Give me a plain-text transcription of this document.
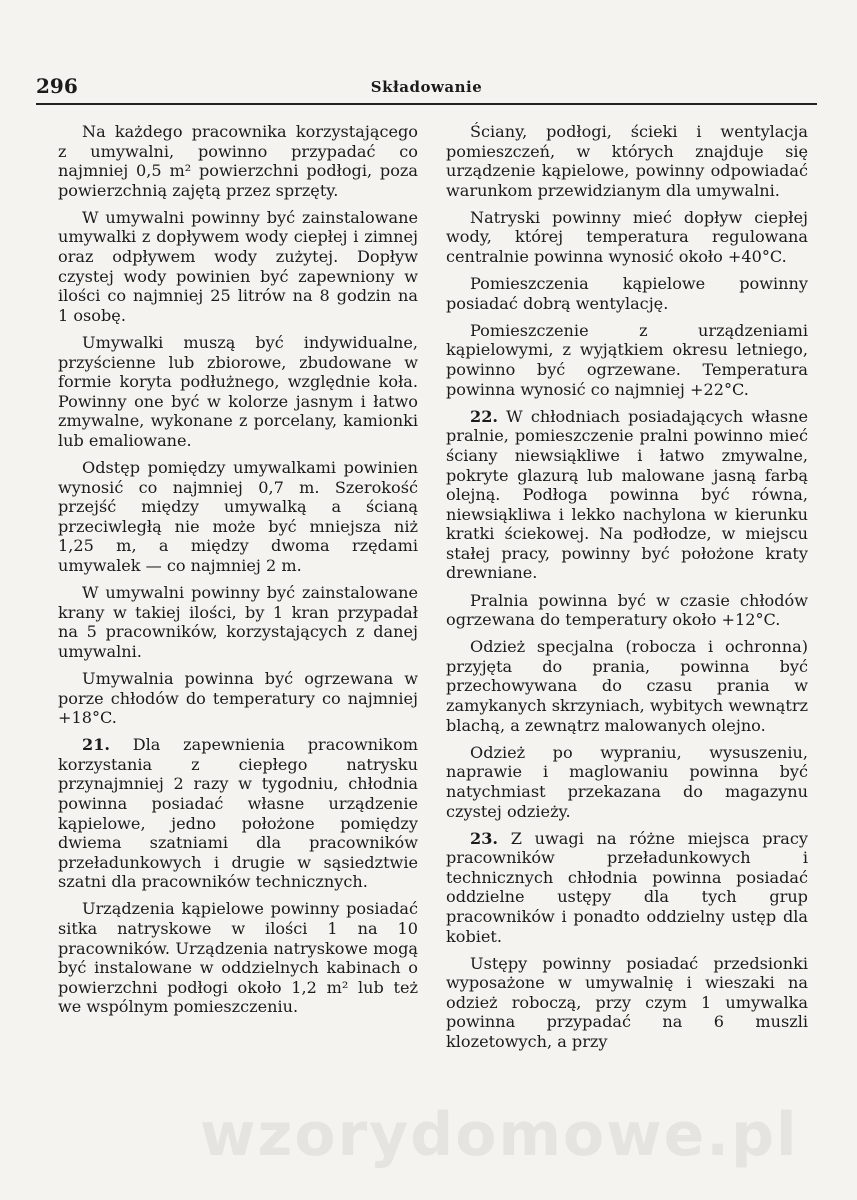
296	Składowanie

Na każdego pracownika korzystającego z umywalni, powinno przypadać co najmniej 0,5 m² powierzchni podłogi, poza powierzchnią zajętą przez sprzęty.

W umywalni powinny być zainstalowane umywalki z dopływem wody ciepłej i zimnej oraz odpływem wody zużytej. Dopływ czystej wody powinien być zapewniony w ilości co najmniej 25 litrów na 8 godzin na 1 osobę.

Umywalki muszą być indywidualne, przyścienne lub zbiorowe, zbudowane w formie koryta podłużnego, względnie koła. Powinny one być w kolorze jasnym i łatwo zmywalne, wykonane z porcelany, kamionki lub emaliowane.

Odstęp pomiędzy umywalkami powinien wynosić co najmniej 0,7 m. Szerokość przejść między umywalką a ścianą przeciwległą nie może być mniejsza niż 1,25 m, a między dwoma rzędami umywalek — co najmniej 2 m.

W umywalni powinny być zainstalowane krany w takiej ilości, by 1 kran przypadał na 5 pracowników, korzystających z danej umywalni.

Umywalnia powinna być ogrzewana w porze chłodów do temperatury co najmniej +18°C.

21. Dla zapewnienia pracownikom korzystania z ciepłego natrysku przynajmniej 2 razy w tygodniu, chłodnia powinna posiadać własne urządzenie kąpielowe, jedno położone pomiędzy dwiema szatniami dla pracowników przeładunkowych i drugie w sąsiedztwie szatni dla pracowników technicznych.

Urządzenia kąpielowe powinny posiadać sitka natryskowe w ilości 1 na 10 pracowników. Urządzenia natryskowe mogą być instalowane w oddzielnych kabinach o powierzchni podłogi około 1,2 m² lub też we wspólnym pomieszczeniu.

Ściany, podłogi, ścieki i wentylacja pomieszczeń, w których znajduje się urządzenie kąpielowe, powinny odpowiadać warunkom przewidzianym dla umywalni.

Natryski powinny mieć dopływ ciepłej wody, której temperatura regulowana centralnie powinna wynosić około +40°C.

Pomieszczenia kąpielowe powinny posiadać dobrą wentylację.

Pomieszczenie z urządzeniami kąpielowymi, z wyjątkiem okresu letniego, powinno być ogrzewane. Temperatura powinna wynosić co najmniej +22°C.

22. W chłodniach posiadających własne pralnie, pomieszczenie pralni powinno mieć ściany niewsiąkliwe i łatwo zmywalne, pokryte glazurą lub malowane jasną farbą olejną. Podłoga powinna być równa, niewsiąkliwa i lekko nachylona w kierunku kratki ściekowej. Na podłodze, w miejscu stałej pracy, powinny być położone kraty drewniane.

Pralnia powinna być w czasie chłodów ogrzewana do temperatury około +12°C.

Odzież specjalna (robocza i ochronna) przyjęta do prania, powinna być przechowywana do czasu prania w zamykanych skrzyniach, wybitych wewnątrz blachą, a zewnątrz malowanych olejno.

Odzież po wypraniu, wysuszeniu, naprawie i maglowaniu powinna być natychmiast przekazana do magazynu czystej odzieży.

23. Z uwagi na różne miejsca pracy pracowników przeładunkowych i technicznych chłodnia powinna posiadać oddzielne ustępy dla tych grup pracowników i ponadto oddzielny ustęp dla kobiet.

Ustępy powinny posiadać przedsionki wyposażone w umywalnię i wieszaki na odzież roboczą, przy czym 1 umywalka powinna przypadać na 6 muszli klozetowych, a przy

wzorydomowe.pl
